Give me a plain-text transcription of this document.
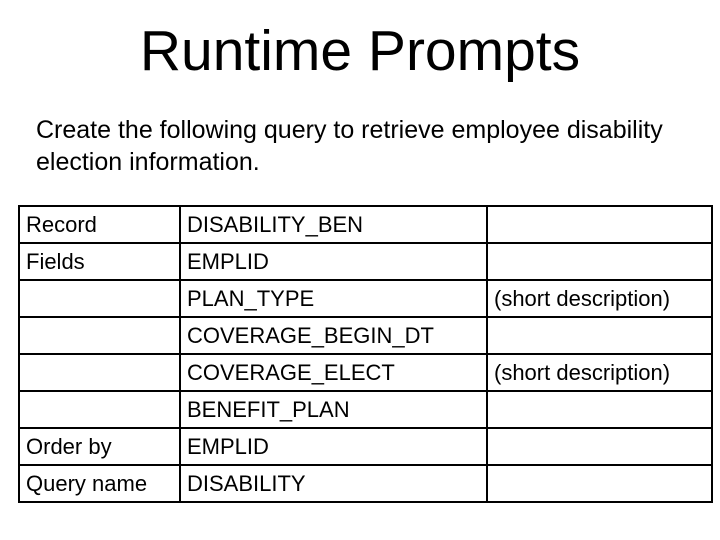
Runtime Prompts

Create the following query to retrieve employee disability election information.

Record	DISABILITY_BEN	
Fields	EMPLID	
	PLAN_TYPE	(short description)
	COVERAGE_BEGIN_DT	
	COVERAGE_ELECT	(short description)
	BENEFIT_PLAN	
Order by	EMPLID	
Query name	DISABILITY	
